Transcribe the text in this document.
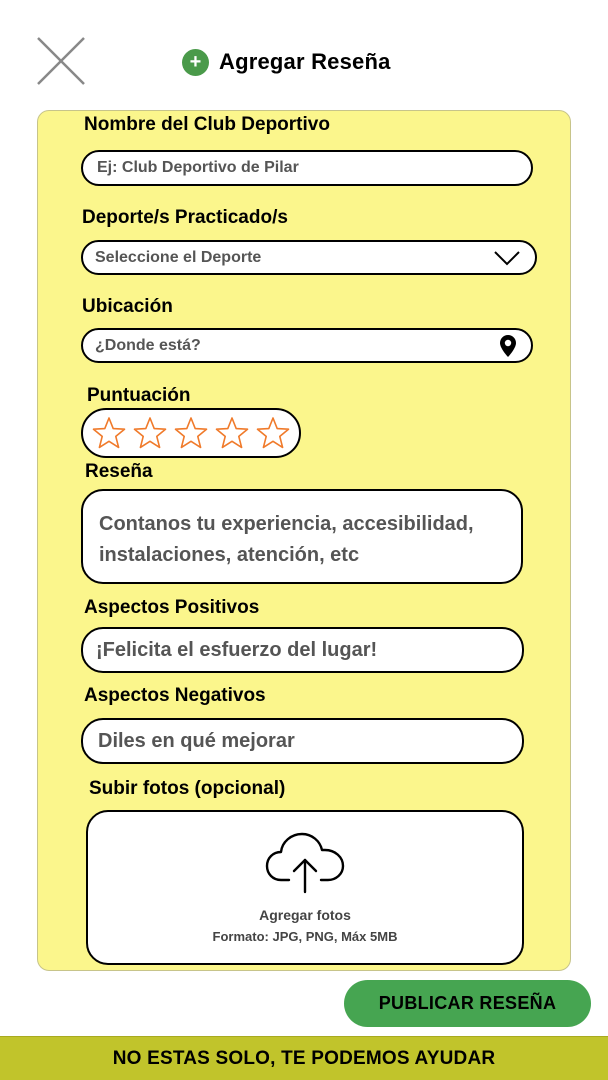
+ Agregar Reseña
Nombre del Club Deportivo
Ej: Club Deportivo de Pilar
Deporte/s Practicado/s
Seleccione el Deporte
Ubicación
¿Donde está?
Puntuación
Reseña
Contanos tu experiencia, accesibilidad, instalaciones, atención, etc
Aspectos Positivos
¡Felicita el esfuerzo del lugar!
Aspectos Negativos
Diles en qué mejorar
Subir fotos (opcional)
Agregar fotos
Formato: JPG, PNG, Máx 5MB
PUBLICAR RESEÑA
NO ESTAS SOLO, TE PODEMOS AYUDAR
